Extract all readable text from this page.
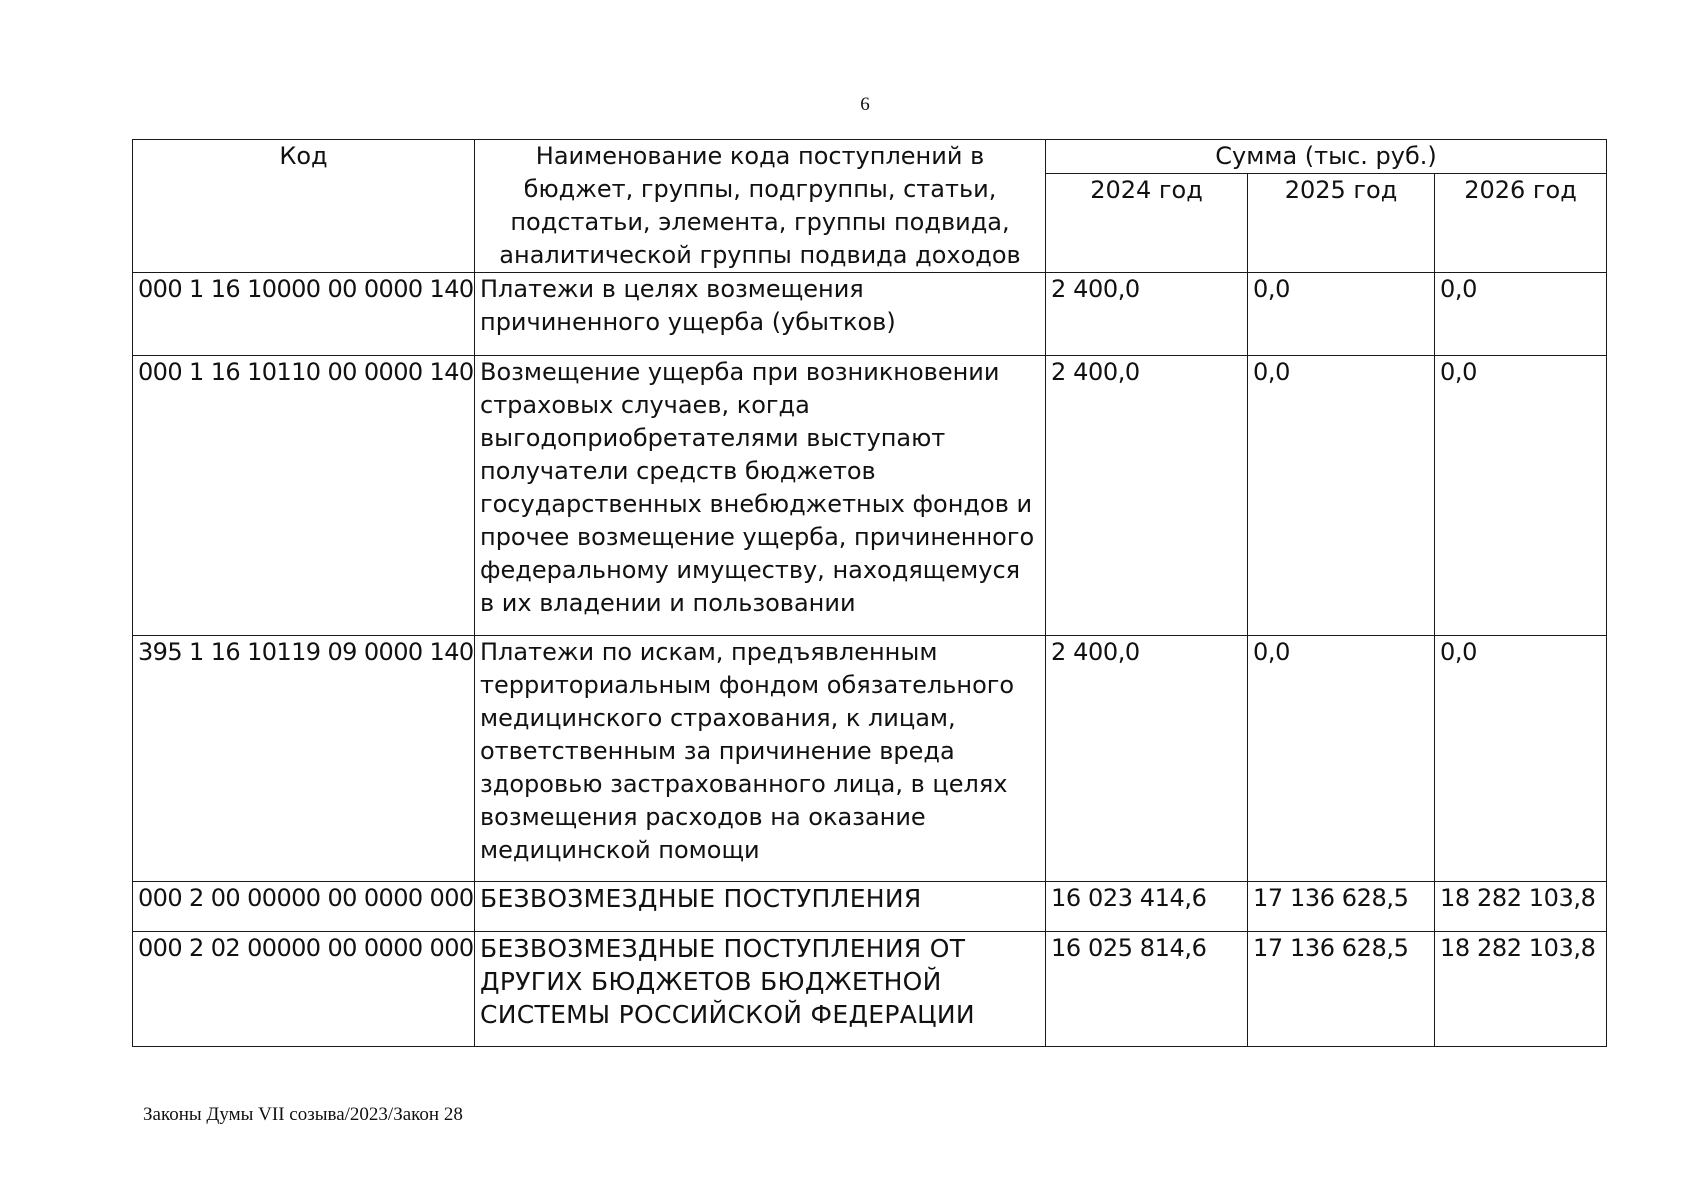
6
Код	Наименование кода поступлений в бюджет, группы, подгруппы, статьи, подстатьи, элемента, группы подвида, аналитической группы подвида доходов	Сумма (тыс. руб.)		
		2024 год	2025 год	2026 год
000 1 16 10000 00 0000 140	Платежи в целях возмещения причиненного ущерба (убытков)	2 400,0	0,0	0,0
000 1 16 10110 00 0000 140	Возмещение ущерба при возникновении страховых случаев, когда выгодоприобретателями выступают получатели средств бюджетов государственных внебюджетных фондов и прочее возмещение ущерба, причиненного федеральному имуществу, находящемуся в их владении и пользовании	2 400,0	0,0	0,0
395 1 16 10119 09 0000 140	Платежи по искам, предъявленным территориальным фондом обязательного медицинского страхования, к лицам, ответственным за причинение вреда здоровью застрахованного лица, в целях возмещения расходов на оказание медицинской помощи	2 400,0	0,0	0,0
000 2 00 00000 00 0000 000	БЕЗВОЗМЕЗДНЫЕ ПОСТУПЛЕНИЯ	16 023 414,6	17 136 628,5	18 282 103,8
000 2 02 00000 00 0000 000	БЕЗВОЗМЕЗДНЫЕ ПОСТУПЛЕНИЯ ОТ ДРУГИХ БЮДЖЕТОВ БЮДЖЕТНОЙ СИСТЕМЫ РОССИЙСКОЙ ФЕДЕРАЦИИ	16 025 814,6	17 136 628,5	18 282 103,8
Законы Думы VII созыва/2023/Закон 28
